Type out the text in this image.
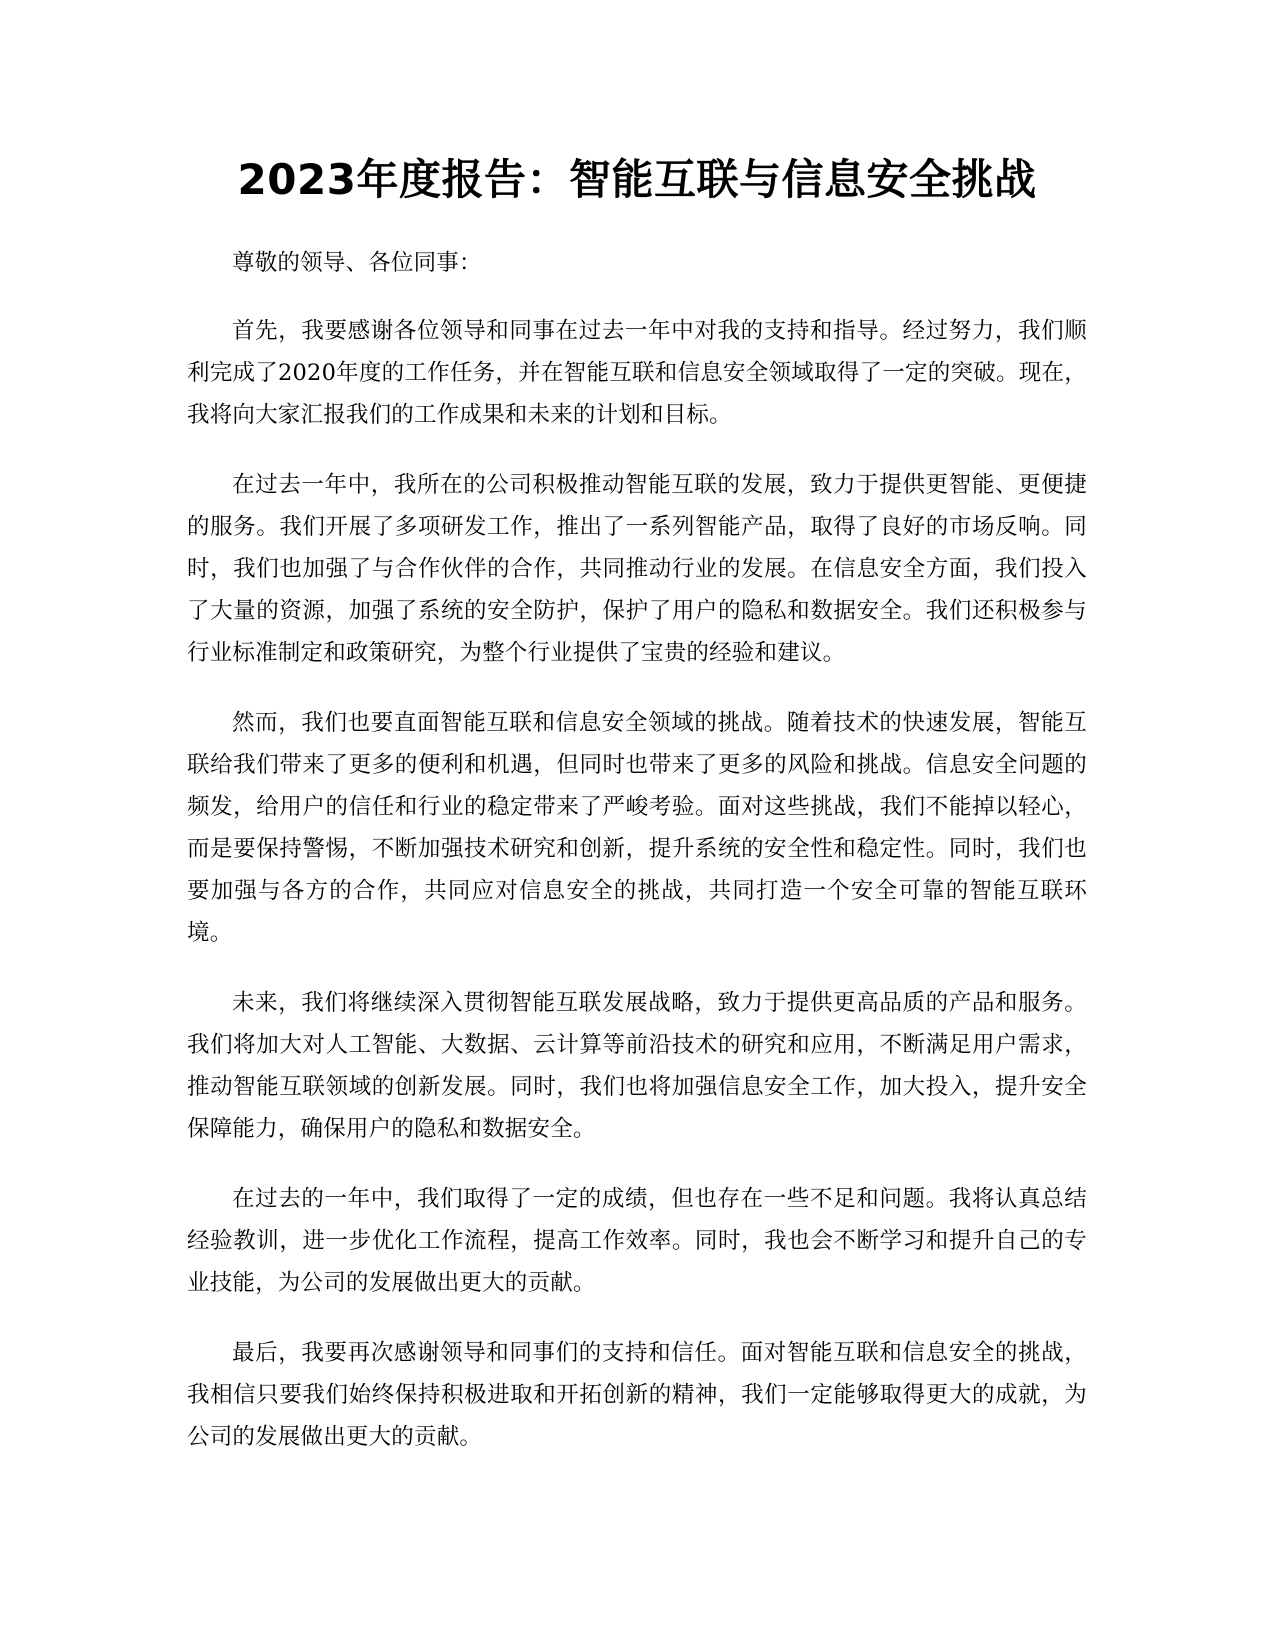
2023年度报告：智能互联与信息安全挑战

尊敬的领导、各位同事：

首先，我要感谢各位领导和同事在过去一年中对我的支持和指导。经过努力，我们顺利完成了2020年度的工作任务，并在智能互联和信息安全领域取得了一定的突破。现在，我将向大家汇报我们的工作成果和未来的计划和目标。

在过去一年中，我所在的公司积极推动智能互联的发展，致力于提供更智能、更便捷的服务。我们开展了多项研发工作，推出了一系列智能产品，取得了良好的市场反响。同时，我们也加强了与合作伙伴的合作，共同推动行业的发展。在信息安全方面，我们投入了大量的资源，加强了系统的安全防护，保护了用户的隐私和数据安全。我们还积极参与行业标准制定和政策研究，为整个行业提供了宝贵的经验和建议。

然而，我们也要直面智能互联和信息安全领域的挑战。随着技术的快速发展，智能互联给我们带来了更多的便利和机遇，但同时也带来了更多的风险和挑战。信息安全问题的频发，给用户的信任和行业的稳定带来了严峻考验。面对这些挑战，我们不能掉以轻心，而是要保持警惕，不断加强技术研究和创新，提升系统的安全性和稳定性。同时，我们也要加强与各方的合作，共同应对信息安全的挑战，共同打造一个安全可靠的智能互联环境。

未来，我们将继续深入贯彻智能互联发展战略，致力于提供更高品质的产品和服务。我们将加大对人工智能、大数据、云计算等前沿技术的研究和应用，不断满足用户需求，推动智能互联领域的创新发展。同时，我们也将加强信息安全工作，加大投入，提升安全保障能力，确保用户的隐私和数据安全。

在过去的一年中，我们取得了一定的成绩，但也存在一些不足和问题。我将认真总结经验教训，进一步优化工作流程，提高工作效率。同时，我也会不断学习和提升自己的专业技能，为公司的发展做出更大的贡献。

最后，我要再次感谢领导和同事们的支持和信任。面对智能互联和信息安全的挑战，我相信只要我们始终保持积极进取和开拓创新的精神，我们一定能够取得更大的成就，为公司的发展做出更大的贡献。
